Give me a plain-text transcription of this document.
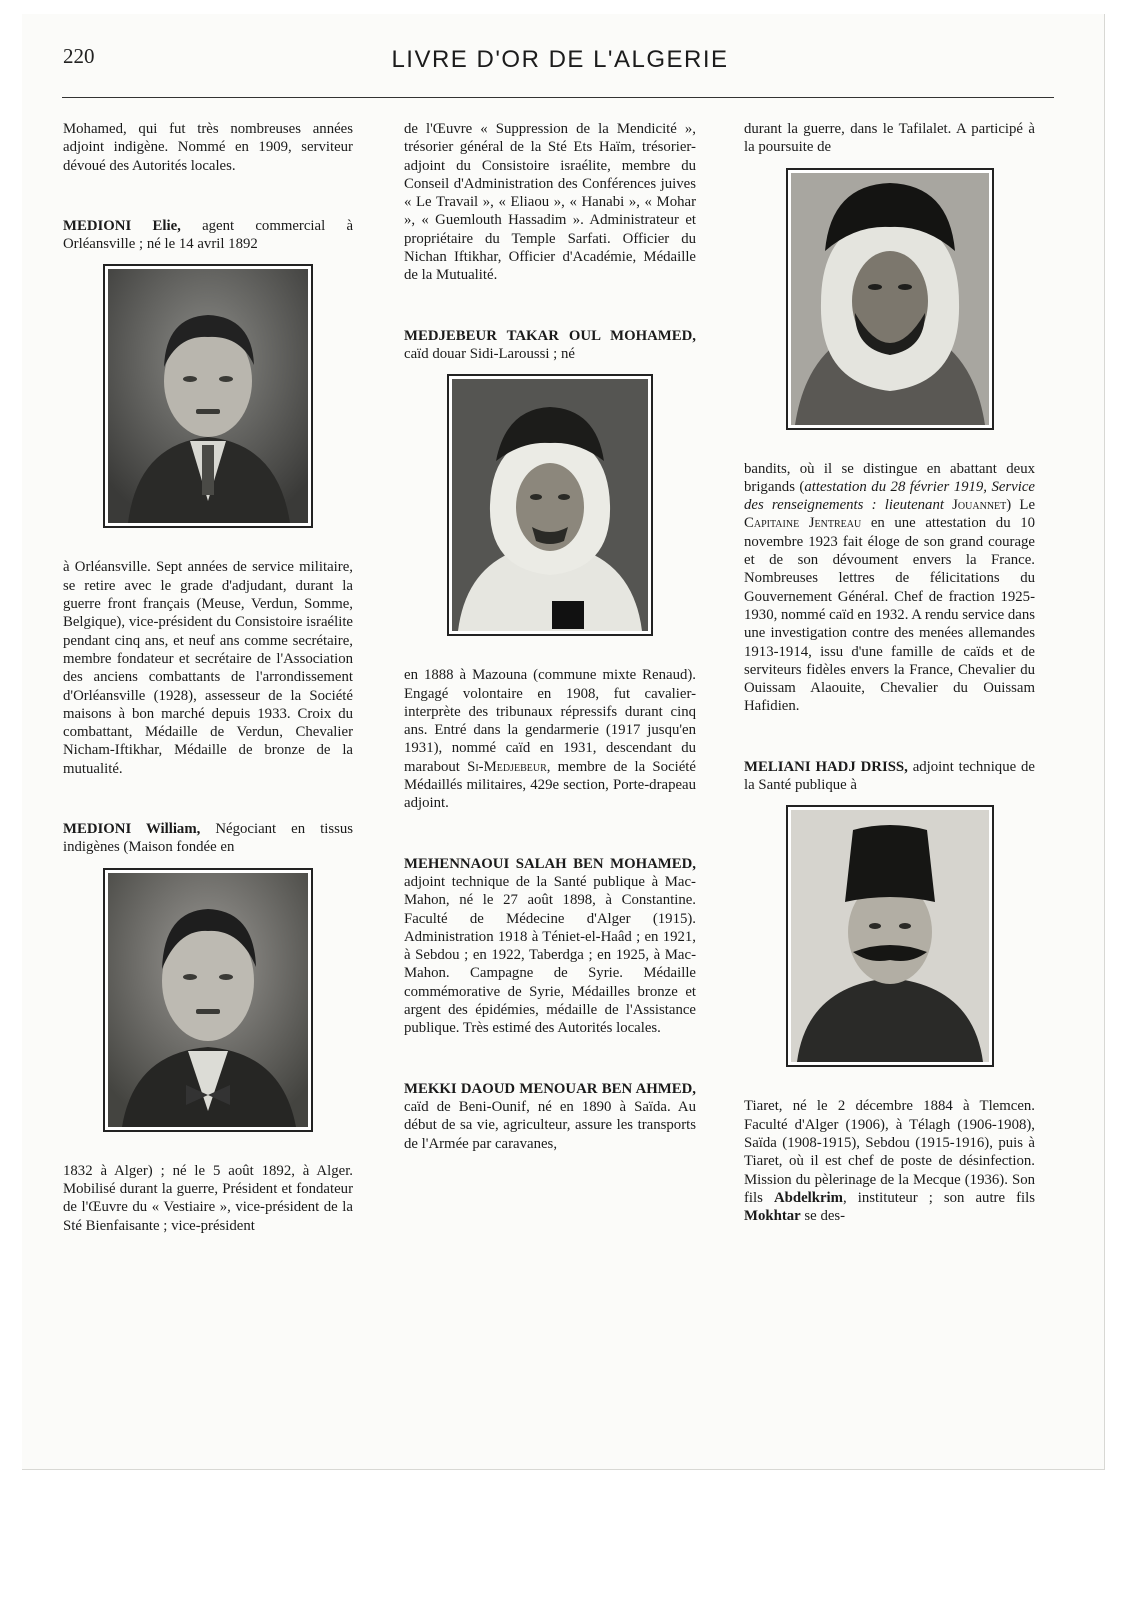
220	LIVRE D'OR DE L'ALGERIE

Mohamed, qui fut très nombreuses années adjoint indigène. Nommé en 1909, serviteur dévoué des Autorités locales.

MEDIONI Elie, agent commercial à Orléansville ; né le 14 avril 1892

à Orléansville. Sept années de service militaire, se retire avec le grade d'adjudant, durant la guerre front français (Meuse, Verdun, Somme, Belgique), vice-président du Consistoire israélite pendant cinq ans, et neuf ans comme secrétaire, membre fondateur et secrétaire de l'Association des anciens combattants de l'arrondissement d'Orléansville (1928), assesseur de la Société maisons à bon marché depuis 1933. Croix du combattant, Médaille de Verdun, Chevalier Nicham-Iftikhar, Médaille de bronze de la mutualité.

MEDIONI William, Négociant en tissus indigènes (Maison fondée en

1832 à Alger) ; né le 5 août 1892, à Alger. Mobilisé durant la guerre, Président et fondateur de l'Œuvre du « Vestiaire », vice-président de la Sté Bienfaisante ; vice-président

de l'Œuvre « Suppression de la Mendicité », trésorier général de la Sté Ets Haïm, trésorier-adjoint du Consistoire israélite, membre du Conseil d'Administration des Conférences juives « Le Travail », « Eliaou », « Hanabi », « Mohar », « Guemlouth Hassadim ». Administrateur et propriétaire du Temple Sarfati. Officier du Nichan Iftikhar, Officier d'Académie, Médaille de la Mutualité.

MEDJEBEUR TAKAR OUL MOHAMED, caïd douar Sidi-Laroussi ; né

en 1888 à Mazouna (commune mixte Renaud). Engagé volontaire en 1908, fut cavalier-interprète des tribunaux répressifs durant cinq ans. Entré dans la gendarmerie (1917 jusqu'en 1931), nommé caïd en 1931, descendant du marabout Si-Medjebeur, membre de la Société Médaillés militaires, 429e section, Porte-drapeau adjoint.

MEHENNAOUI SALAH BEN MOHAMED, adjoint technique de la Santé publique à Mac-Mahon, né le 27 août 1898, à Constantine. Faculté de Médecine d'Alger (1915). Administration 1918 à Téniet-el-Haâd ; en 1921, à Sebdou ; en 1922, Taberdga ; en 1925, à Mac-Mahon. Campagne de Syrie. Médaille commémorative de Syrie, Médailles bronze et argent des épidémies, médaille de l'Assistance publique. Très estimé des Autorités locales.

MEKKI DAOUD MENOUAR BEN AHMED, caïd de Beni-Ounif, né en 1890 à Saïda. Au début de sa vie, agriculteur, assure les transports de l'Armée par caravanes,

durant la guerre, dans le Tafilalet. A participé à la poursuite de

bandits, où il se distingue en abattant deux brigands (attestation du 28 février 1919, Service des renseignements : lieutenant Jouannet) Le Capitaine Jentreau en une attestation du 10 novembre 1923 fait éloge de son grand courage et de son dévoument envers la France. Nombreuses lettres de félicitations du Gouvernement Général. Chef de fraction 1925-1930, nommé caïd en 1932. A rendu service dans une investigation contre des menées allemandes 1913-1914, issu d'une famille de caïds et de serviteurs fidèles envers la France, Chevalier du Ouissam Alaouite, Chevalier du Ouissam Hafidien.

MELIANI HADJ DRISS, adjoint technique de la Santé publique à

Tiaret, né le 2 décembre 1884 à Tlemcen. Faculté d'Alger (1906), à Télagh (1906-1908), Saïda (1908-1915), Sebdou (1915-1916), puis à Tiaret, où il est chef de poste de désinfection. Mission du pèlerinage de la Mecque (1936). Son fils Abdelkrim, instituteur ; son autre fils Mokhtar se des-
